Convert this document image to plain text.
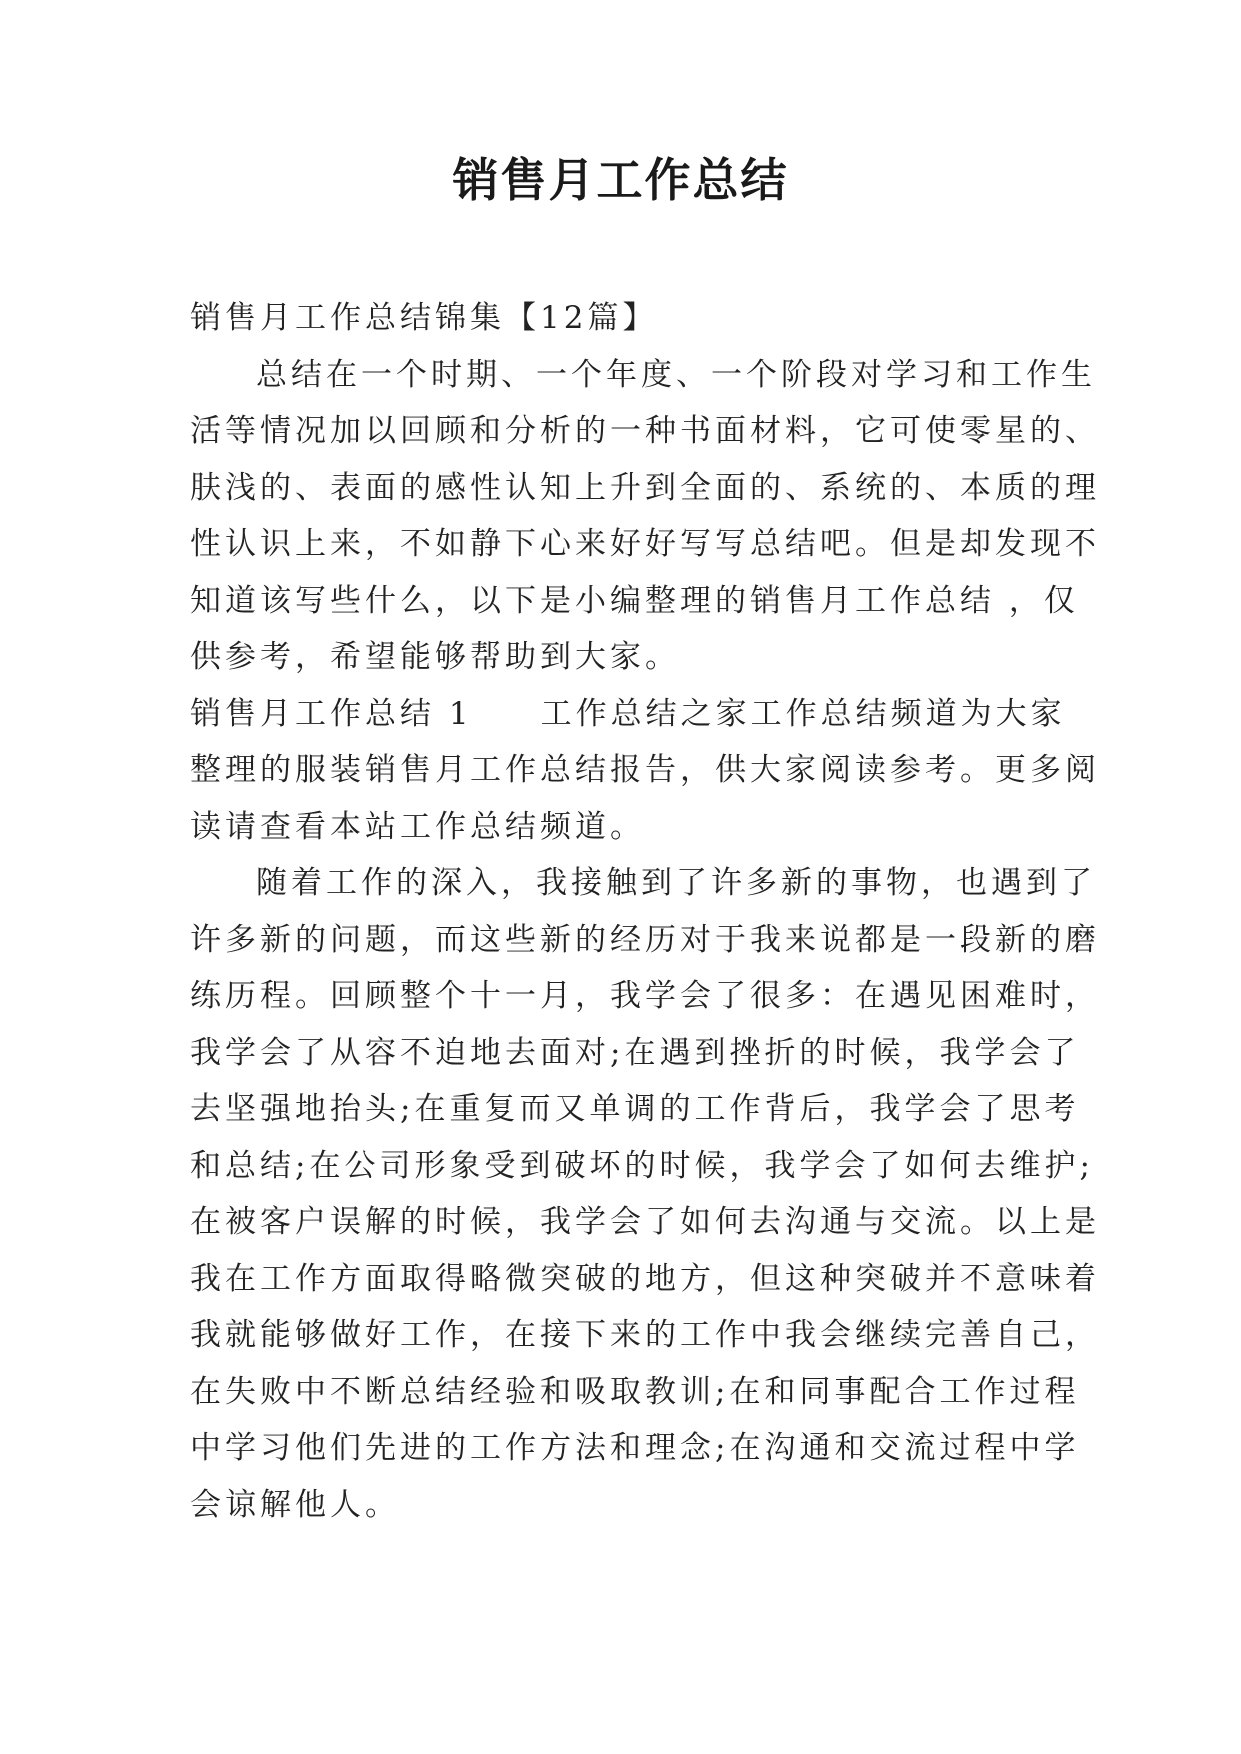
销售月工作总结
销售月工作总结锦集【12篇】
总结在一个时期、一个年度、一个阶段对学习和工作生
活等情况加以回顾和分析的一种书面材料，它可使零星的、
肤浅的、表面的感性认知上升到全面的、系统的、本质的理
性认识上来，不如静下心来好好写写总结吧。但是却发现不
知道该写些什么，以下是小编整理的销售月工作总结 ，仅
供参考，希望能够帮助到大家。
销售月工作总结 1 工作总结之家工作总结频道为大家
整理的服装销售月工作总结报告，供大家阅读参考。更多阅
读请查看本站工作总结频道。
随着工作的深入，我接触到了许多新的事物，也遇到了
许多新的问题，而这些新的经历对于我来说都是一段新的磨
练历程。回顾整个十一月，我学会了很多：在遇见困难时，
我学会了从容不迫地去面对;在遇到挫折的时候，我学会了
去坚强地抬头;在重复而又单调的工作背后，我学会了思考
和总结;在公司形象受到破坏的时候，我学会了如何去维护;
在被客户误解的时候，我学会了如何去沟通与交流。以上是
我在工作方面取得略微突破的地方，但这种突破并不意味着
我就能够做好工作，在接下来的工作中我会继续完善自己，
在失败中不断总结经验和吸取教训;在和同事配合工作过程
中学习他们先进的工作方法和理念;在沟通和交流过程中学
会谅解他人。
